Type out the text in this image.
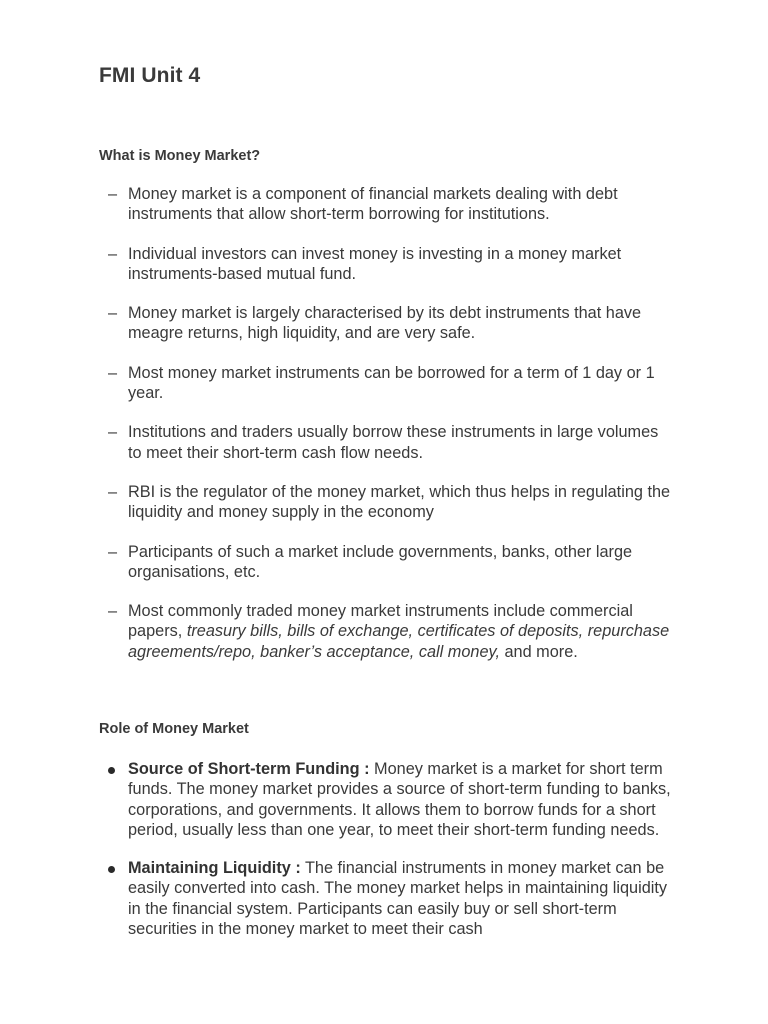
FMI Unit 4
What is Money Market?
– Money market is a component of financial markets dealing with debt instruments that allow short-term borrowing for institutions.
– Individual investors can invest money is investing in a money market instruments-based mutual fund.
– Money market is largely characterised by its debt instruments that have meagre returns, high liquidity, and are very safe.
– Most money market instruments can be borrowed for a term of 1 day or 1 year.
– Institutions and traders usually borrow these instruments in large volumes to meet their short-term cash flow needs.
– RBI is the regulator of the money market, which thus helps in regulating the liquidity and money supply in the economy
– Participants of such a market include governments, banks, other large organisations, etc.
– Most commonly traded money market instruments include commercial papers, treasury bills, bills of exchange, certificates of deposits, repurchase agreements/repo, banker’s acceptance, call money, and more.
Role of Money Market
Source of Short-term Funding : Money market is a market for short term funds. The money market provides a source of short-term funding to banks, corporations, and governments. It allows them to borrow funds for a short period, usually less than one year, to meet their short-term funding needs.
Maintaining Liquidity : The financial instruments in money market can be easily converted into cash. The money market helps in maintaining liquidity in the financial system. Participants can easily buy or sell short-term securities in the money market to meet their cash
